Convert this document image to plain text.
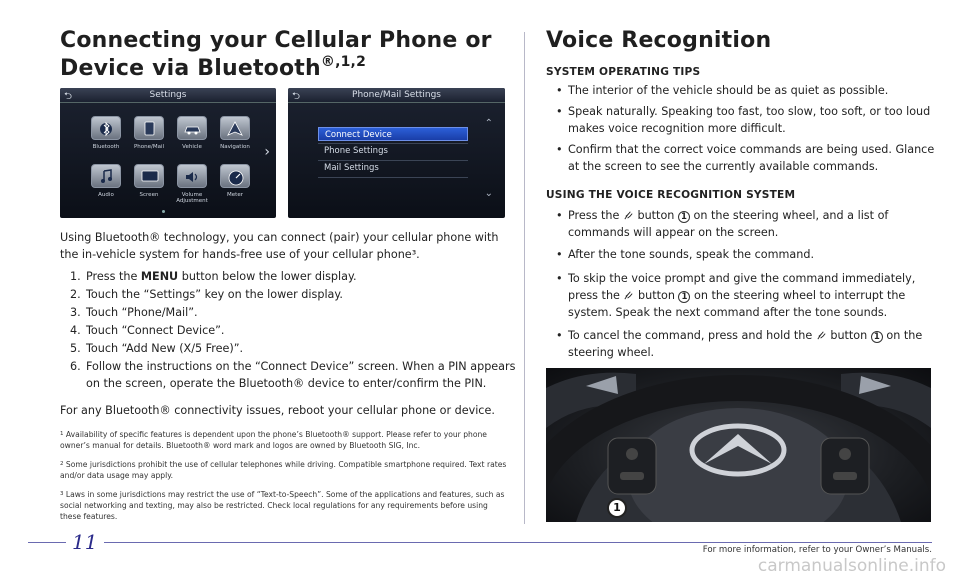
Connecting your Cellular Phone or
Device via Bluetooth$^{®,1,2}$
Voice Recognition
⮌	Settings
Bluetooth	Phone/Mail	Vehicle	Navigation
Audio	Screen	Volume Adjustment
Meter
›
⮌	Phone/Mail Settings
Connect Device
Phone Settings
Mail Settings
⌃
⌄
Using Bluetooth® technology, you can connect (pair) your cellular phone with the in-vehicle system for hands-free use of your cellular phone³.
1. Press the MENU button below the lower display.
2. Touch the “Settings” key on the lower display.
3. Touch “Phone/Mail”.
4. Touch “Connect Device”.
5. Touch “Add New (X/5 Free)”.
6. Follow the instructions on the “Connect Device” screen. When a PIN appears
on the screen, operate the Bluetooth® device to enter/confirm the PIN.
For any Bluetooth® connectivity issues, reboot your cellular phone or device.
$^1$ Availability of specific features is dependent upon the phone’s Bluetooth® support. Please refer to your phone owner’s manual for details. Bluetooth® word mark and logos are owned by Bluetooth SIG, Inc.
$^2$ Some jurisdictions prohibit the use of cellular telephones while driving. Compatible smartphone required. Text rates and/or data usage may apply.
$^3$ Laws in some jurisdictions may restrict the use of “Text-to-Speech”. Some of the applications and features, such as social networking and texting, may also be restricted. Check local regulations for any requirements before using these features.
SYSTEM OPERATING TIPS
• The interior of the vehicle should be as quiet as possible.
• Speak naturally. Speaking too fast, too slow, too soft, or too loud
makes voice recognition more difficult.
• Confirm that the correct voice commands are being used. Glance
at the screen to see the currently available commands.
USING THE VOICE RECOGNITION SYSTEM
• Press the  button 1 on the steering wheel, and a list of
commands will appear on the screen.
• After the tone sounds, speak the command.
• To skip the voice prompt and give the command immediately,
press the  button 1 on the steering wheel to interrupt the
system. Speak the next command after the tone sounds.
• To cancel the command, press and hold the  button 1 on the
steering wheel.
1
11	For more information, refer to your Owner’s Manuals.
carmanualsonline.info
